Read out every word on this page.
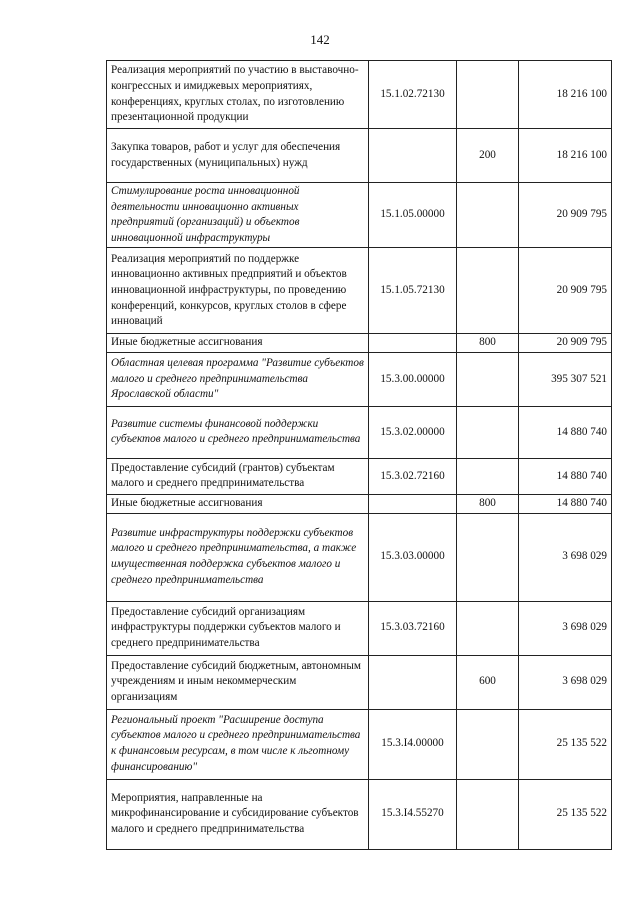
142
Реализация мероприятий по участию в выставочно-конгрессных и имиджевых мероприятиях, конференциях, круглых столах, по изготовлению презентационной продукции	15.1.02.72130		18 216 100
Закупка товаров, работ и услуг для обеспечения государственных (муниципальных) нужд		200	18 216 100
Стимулирование роста инновационной деятельности инновационно активных предприятий (организаций) и объектов инновационной инфраструктуры	15.1.05.00000		20 909 795
Реализация мероприятий по поддержке инновационно активных предприятий и объектов инновационной инфраструктуры, по проведению конференций, конкурсов, круглых столов в сфере инноваций	15.1.05.72130		20 909 795
Иные бюджетные ассигнования		800	20 909 795
Областная целевая программа "Развитие субъектов малого и среднего предпринимательства Ярославской области"	15.3.00.00000		395 307 521
Развитие системы финансовой поддержки субъектов малого и среднего предпринимательства	15.3.02.00000		14 880 740
Предоставление субсидий (грантов) субъектам малого и среднего предпринимательства	15.3.02.72160		14 880 740
Иные бюджетные ассигнования		800	14 880 740
Развитие инфраструктуры поддержки субъектов малого и среднего предпринимательства, а также имущественная поддержка субъектов малого и среднего предпринимательства	15.3.03.00000		3 698 029
Предоставление субсидий организациям инфраструктуры поддержки субъектов малого и среднего предпринимательства	15.3.03.72160		3 698 029
Предоставление субсидий бюджетным, автономным учреждениям и иным некоммерческим организациям		600	3 698 029
Региональный проект "Расширение доступа субъектов малого и среднего предпринимательства к финансовым ресурсам, в том числе к льготному финансированию"	15.3.I4.00000		25 135 522
Мероприятия, направленные на микрофинансирование и субсидирование субъектов малого и среднего предпринимательства	15.3.I4.55270		25 135 522
